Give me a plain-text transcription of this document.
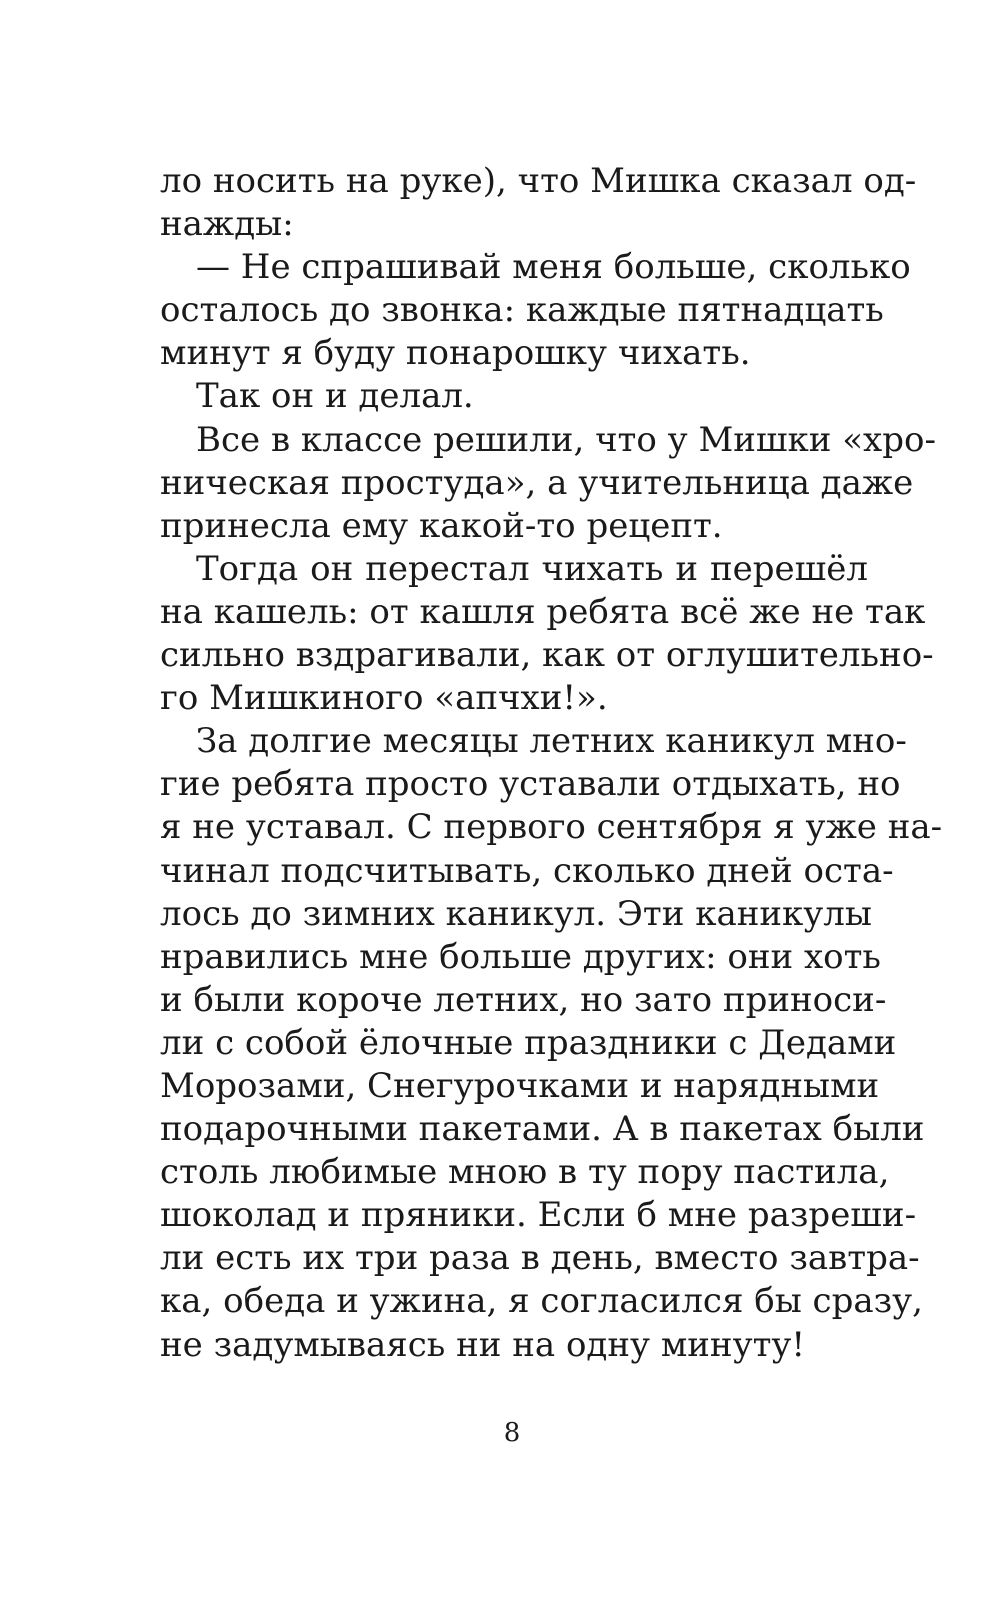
ло носить на руке), что Мишка сказал од-
нажды:
— Не спрашивай меня больше, сколько
осталось до звонка: каждые пятнадцать
минут я буду понарошку чихать.
Так он и делал.
Все в классе решили, что у Мишки «хро-
ническая простуда», а учительница даже
принесла ему какой-то рецепт.
Тогда он перестал чихать и перешёл
на кашель: от кашля ребята всё же не так
сильно вздрагивали, как от оглушительно-
го Мишкиного «апчхи!».
За долгие месяцы летних каникул мно-
гие ребята просто уставали отдыхать, но
я не уставал. С первого сентября я уже на-
чинал подсчитывать, сколько дней оста-
лось до зимних каникул. Эти каникулы
нравились мне больше других: они хоть
и были короче летних, но зато приноси-
ли с собой ёлочные праздники с Дедами
Морозами, Снегурочками и нарядными
подарочными пакетами. А в пакетах были
столь любимые мною в ту пору пастила,
шоколад и пряники. Если б мне разреши-
ли есть их три раза в день, вместо завтра-
ка, обеда и ужина, я согласился бы сразу,
не задумываясь ни на одну минуту!
8
